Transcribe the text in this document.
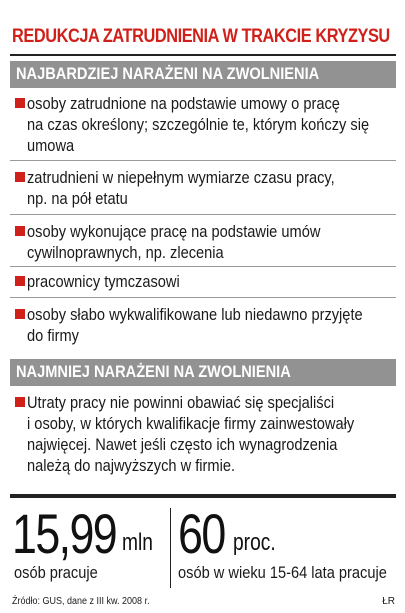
REDUKCJA ZATRUDNIENIA W TRAKCIE KRYZYSU
NAJBARDZIEJ NARAŻENI NA ZWOLNIENIA
osoby zatrudnione na podstawie umowy o pracę
na czas określony; szczególnie te, którym kończy się
umowa
zatrudnieni w niepełnym wymiarze czasu pracy,
np. na pół etatu
osoby wykonujące pracę na podstawie umów
cywilnoprawnych, np. zlecenia
pracownicy tymczasowi
osoby słabo wykwalifikowane lub niedawno przyjęte
do firmy
NAJMNIEJ NARAŻENI NA ZWOLNIENIA
Utraty pracy nie powinni obawiać się specjaliści
i osoby, w których kwalifikacje firmy zainwestowały
najwięcej. Nawet jeśli często ich wynagrodzenia
należą do najwyższych w firmie.
15,99 mln
osób pracuje
60 proc.
osób w wieku 15-64 lata pracuje
Źródło: GUS, dane z III kw. 2008 r.	ŁR
